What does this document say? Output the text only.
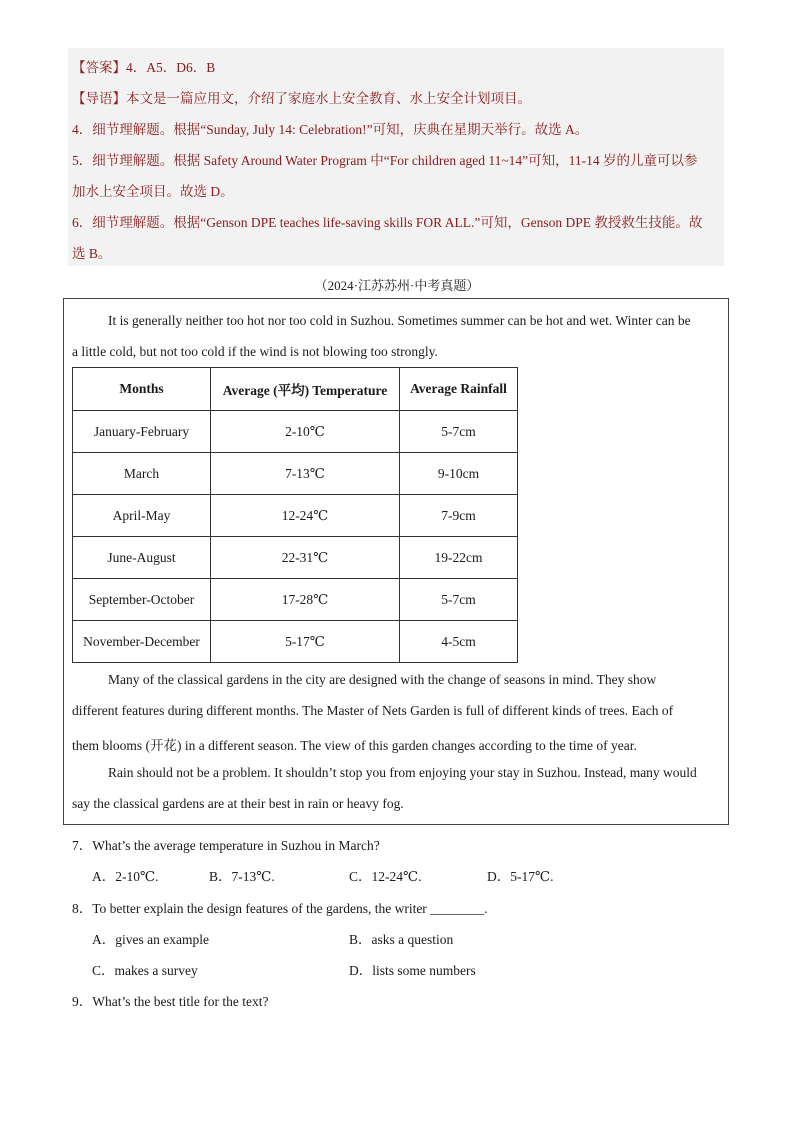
【答案】4．A5．D6．B
【导语】本文是一篇应用文，介绍了家庭水上安全教育、水上安全计划项目。
4．细节理解题。根据“Sunday, July 14: Celebration!”可知，庆典在星期天举行。故选 A。
5．细节理解题。根据 Safety Around Water Program 中“For children aged 11~14”可知，11-14 岁的儿童可以参
加水上安全项目。故选 D。
6．细节理解题。根据“Genson DPE teaches life-saving skills FOR ALL.”可知，Genson DPE 教授救生技能。故
选 B。
（2024·江苏苏州·中考真题）
It is generally neither too hot nor too cold in Suzhou. Sometimes summer can be hot and wet. Winter can be
a little cold, but not too cold if the wind is not blowing too strongly.
Months	Average (平均) Temperature	Average Rainfall
January-February	2-10℃	5-7cm
March	7-13℃	9-10cm
April-May	12-24℃	7-9cm
June-August	22-31℃	19-22cm
September-October	17-28℃	5-7cm
November-December	5-17℃	4-5cm
Many of the classical gardens in the city are designed with the change of seasons in mind. They show
different features during different months. The Master of Nets Garden is full of different kinds of trees. Each of
them blooms (开花) in a different season. The view of this garden changes according to the time of year.
Rain should not be a problem. It shouldn’t stop you from enjoying your stay in Suzhou. Instead, many would
say the classical gardens are at their best in rain or heavy fog.
7．What’s the average temperature in Suzhou in March?
A．2-10℃.	B．7-13℃.	C．12-24℃.	D．5-17℃.
8．To better explain the design features of the gardens, the writer ________.
A．gives an example	B．asks a question
C．makes a survey	D．lists some numbers
9．What’s the best title for the text?
